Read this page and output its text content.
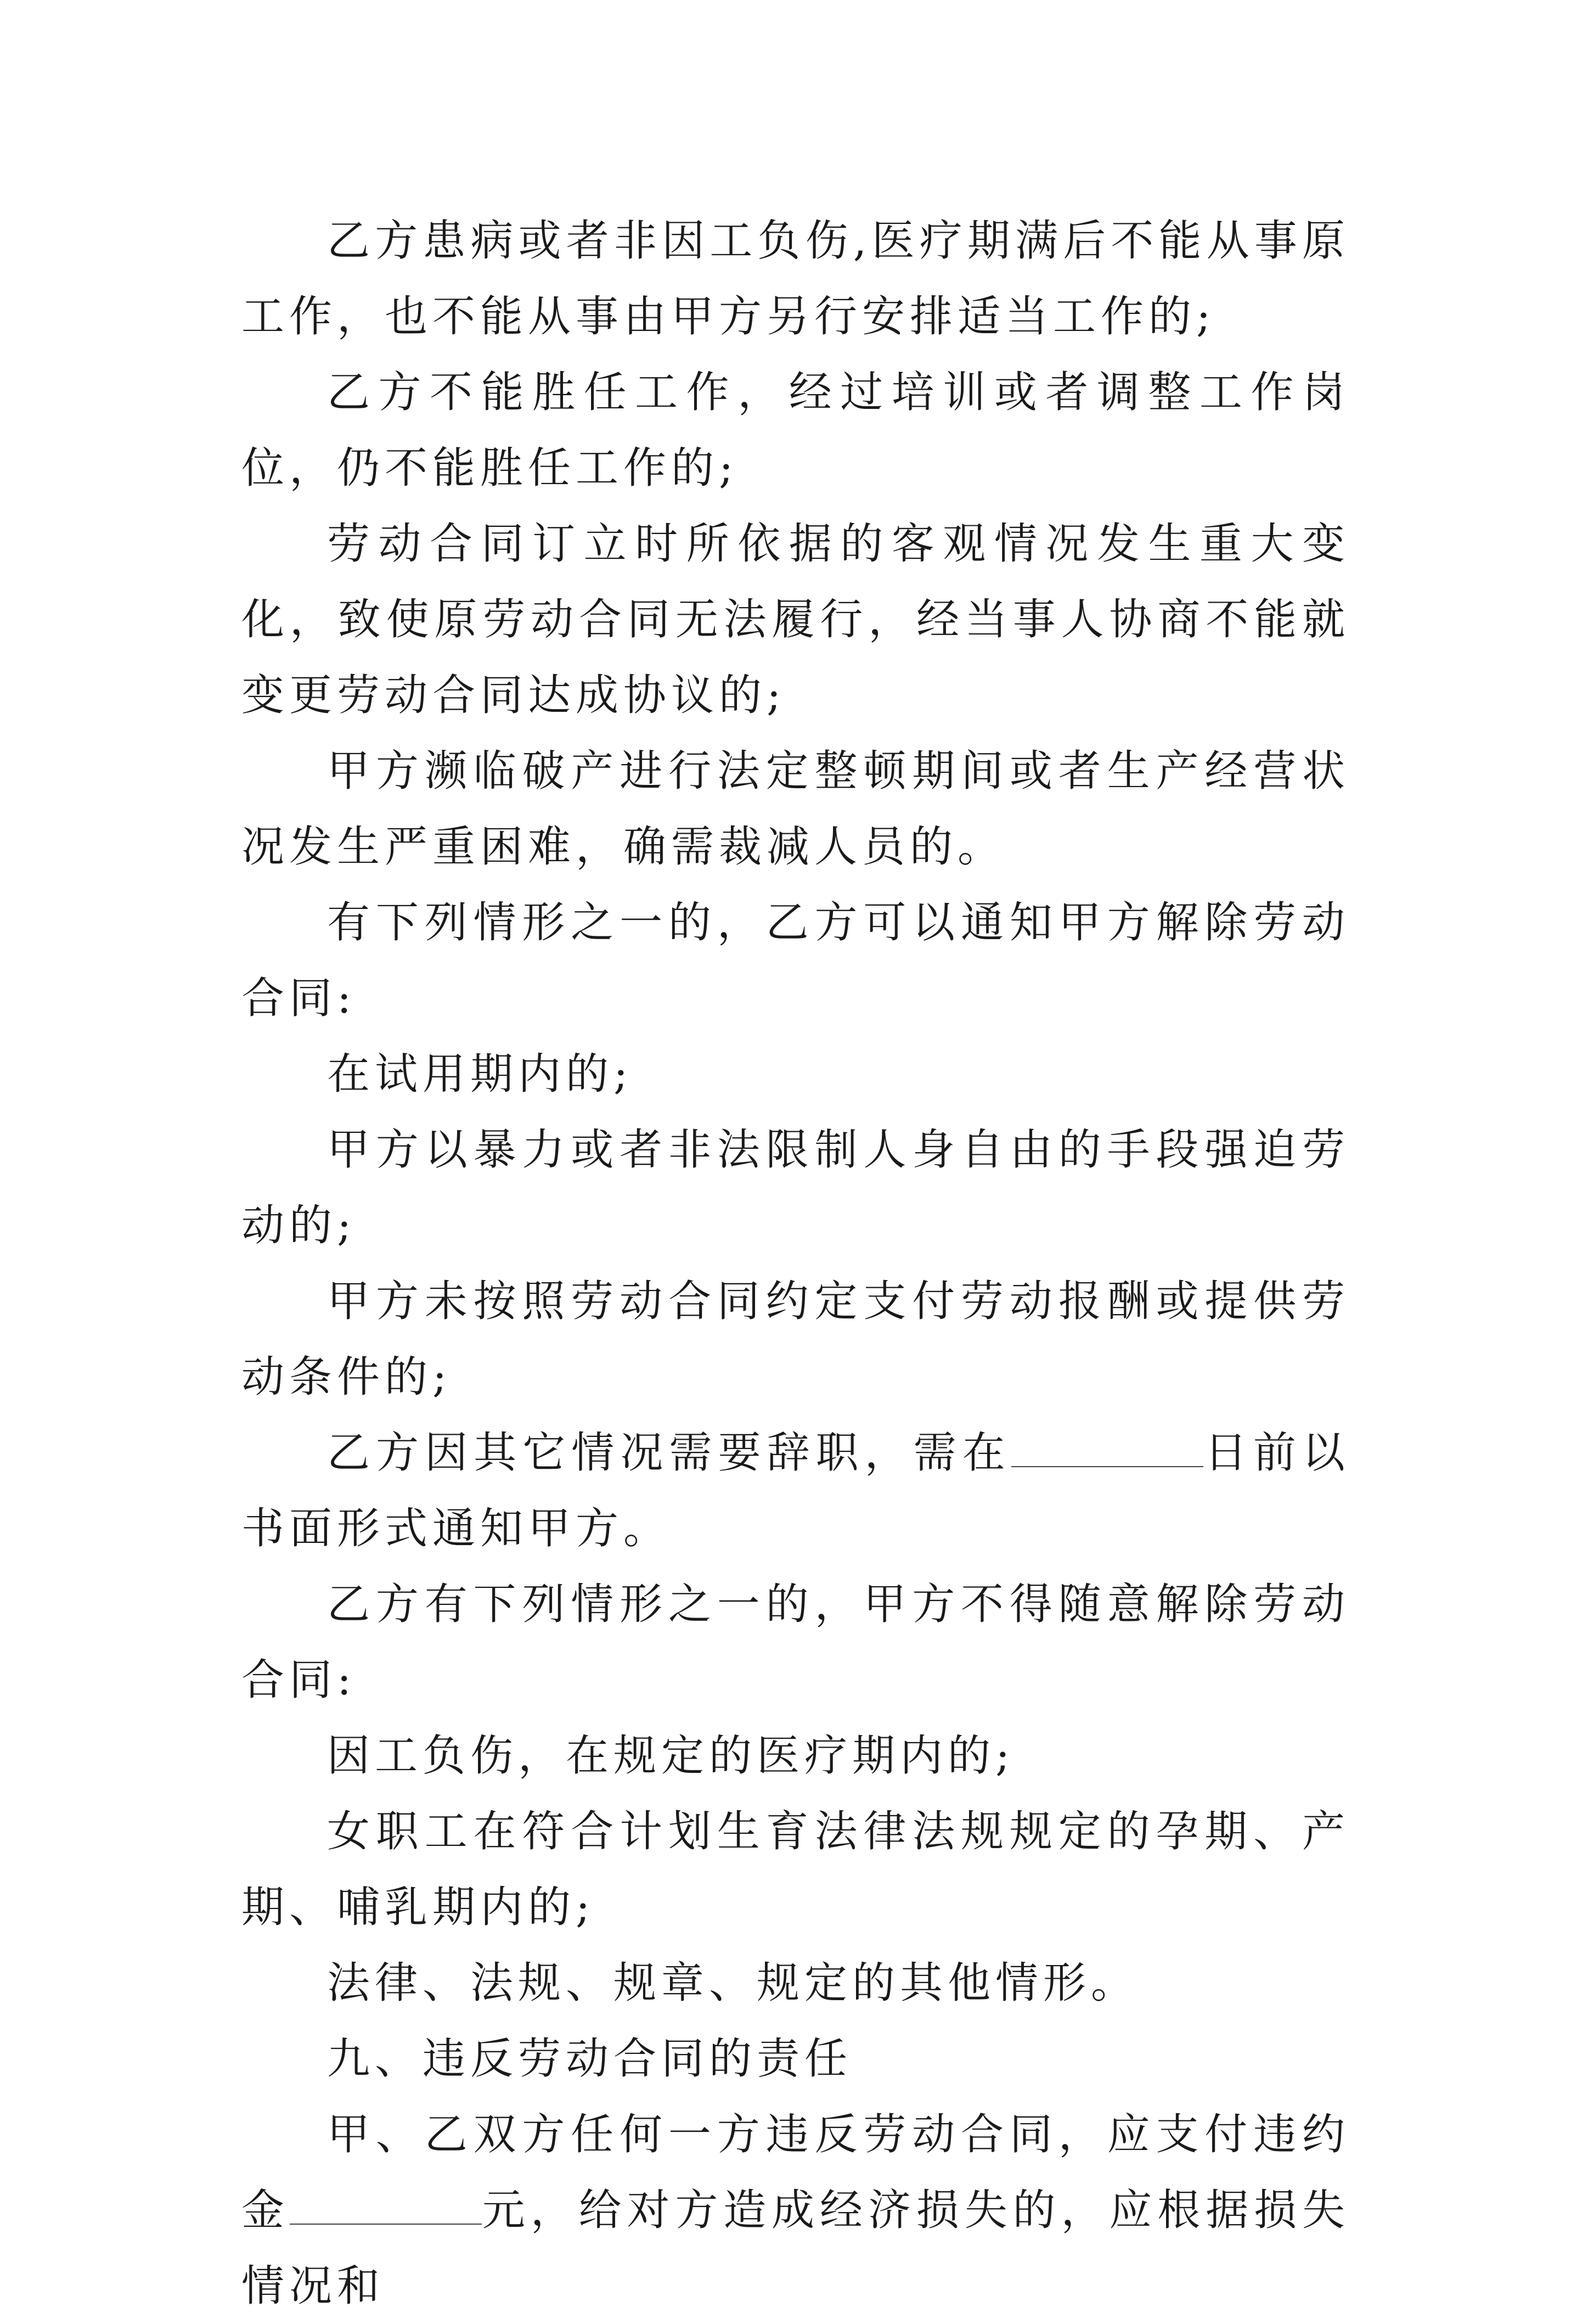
乙方患病或者非因工负伤,医疗期满后不能从事原工作，也不能从事由甲方另行安排适当工作的;

乙方不能胜任工作，经过培训或者调整工作岗位，仍不能胜任工作的;

劳动合同订立时所依据的客观情况发生重大变化，致使原劳动合同无法履行，经当事人协商不能就变更劳动合同达成协议的;

甲方濒临破产进行法定整顿期间或者生产经营状况发生严重困难，确需裁减人员的。

有下列情形之一的，乙方可以通知甲方解除劳动合同:

在试用期内的;

甲方以暴力或者非法限制人身自由的手段强迫劳动的;

甲方未按照劳动合同约定支付劳动报酬或提供劳动条件的;

乙方因其它情况需要辞职，需在	日前以书面形式通知甲方。

乙方有下列情形之一的，甲方不得随意解除劳动合同:

因工负伤，在规定的医疗期内的;

女职工在符合计划生育法律法规规定的孕期、产期、哺乳期内的;

法律、法规、规章、规定的其他情形。

九、违反劳动合同的责任

甲、乙双方任何一方违反劳动合同，应支付违约金	元，给对方造成经济损失的，应根据损失情况和
